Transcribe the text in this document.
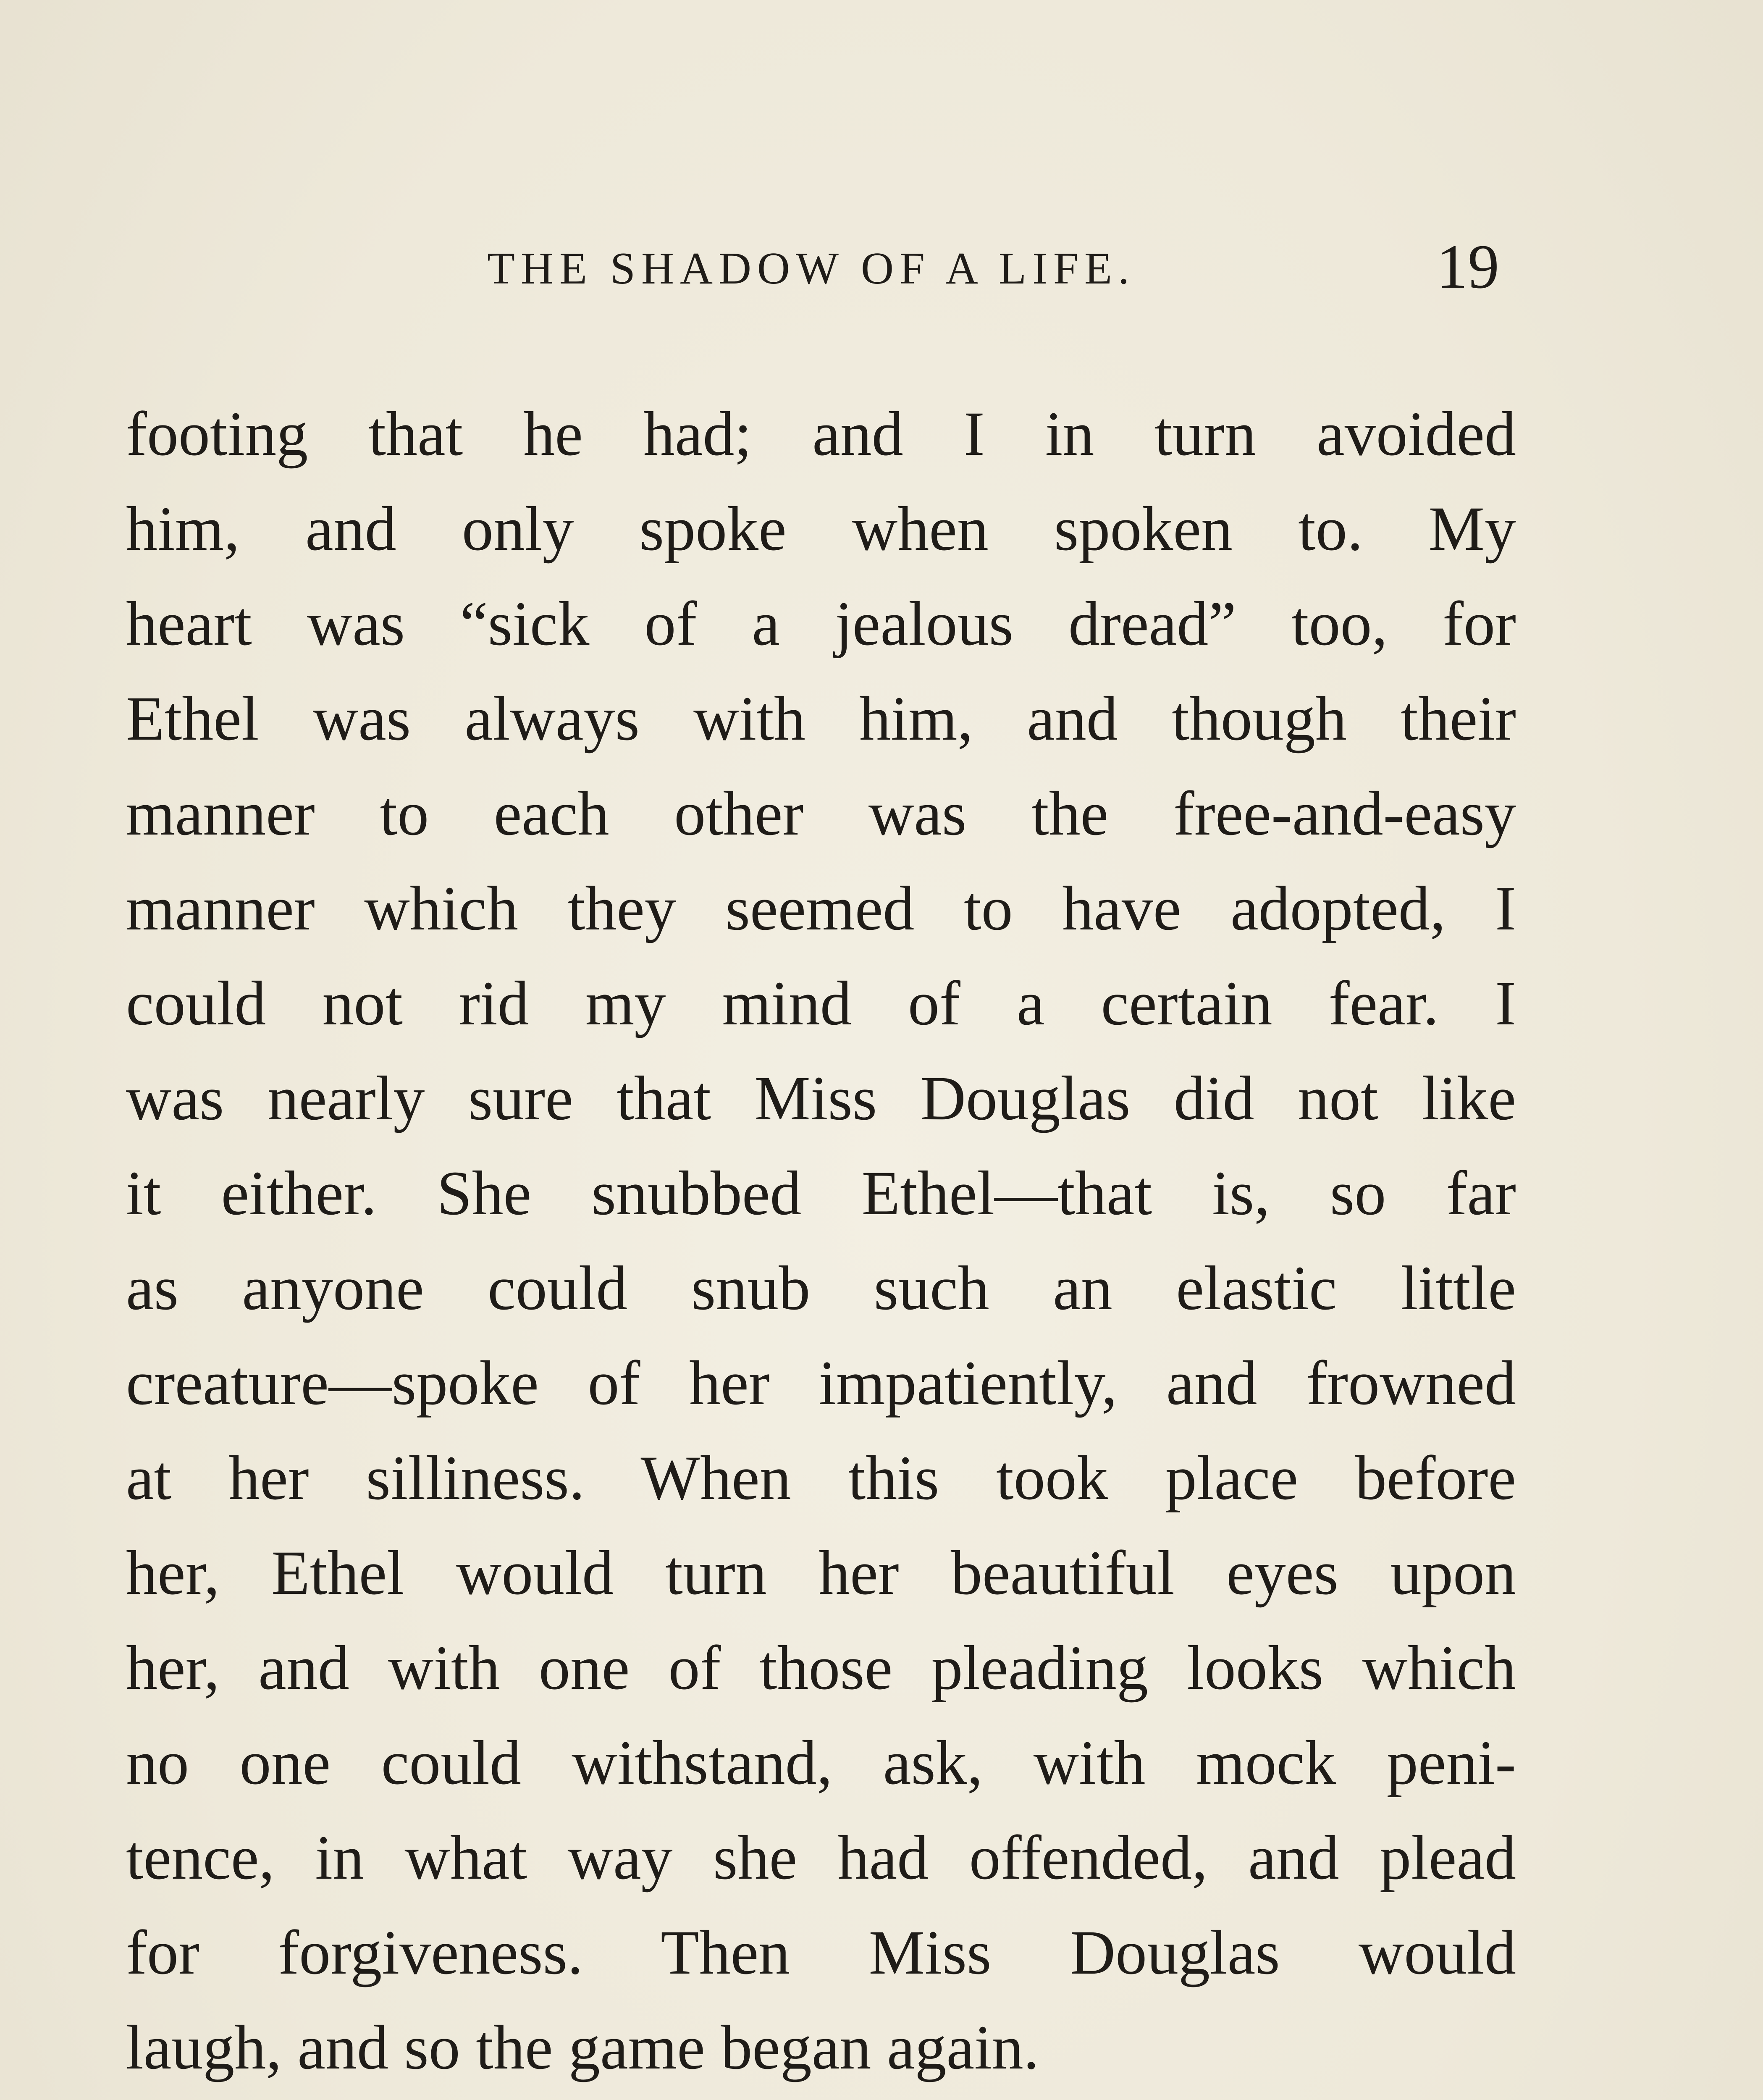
THE SHADOW OF A LIFE.	19
footing that he had; and I in turn avoided
him, and only spoke when spoken to. My
heart was “sick of a jealous dread” too, for
Ethel was always with him, and though their
manner to each other was the free-and-easy
manner which they seemed to have adopted, I
could not rid my mind of a certain fear. I
was nearly sure that Miss Douglas did not like
it either. She snubbed Ethel—that is, so far
as anyone could snub such an elastic little
creature—spoke of her impatiently, and frowned
at her silliness. When this took place before
her, Ethel would turn her beautiful eyes upon
her, and with one of those pleading looks which
no one could withstand, ask, with mock peni-
tence, in what way she had offended, and plead
for forgiveness. Then Miss Douglas would
laugh, and so the game began again.
